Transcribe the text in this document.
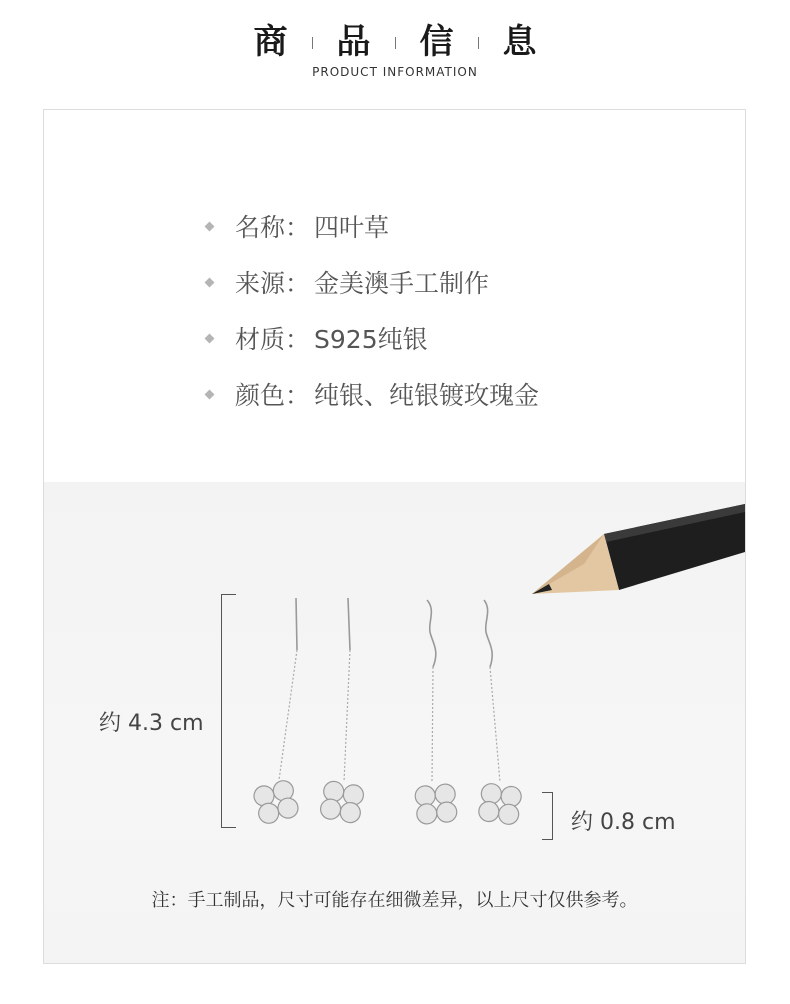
商 品 信 息
PRODUCT INFORMATION
名称： 四叶草
来源： 金美澳手工制作
材质： S925纯银
颜色： 纯银、纯银镀玫瑰金
约 4.3 cm
约 0.8 cm
注：手工制品，尺寸可能存在细微差异，以上尺寸仅供参考。
